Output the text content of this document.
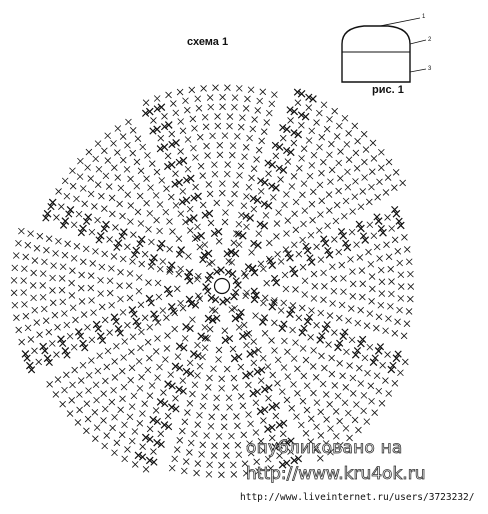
схема 1
1
2
3
рис. 1
опубликовано на
http://www.kru4ok.ru
http://www.liveinternet.ru/users/3723232/
